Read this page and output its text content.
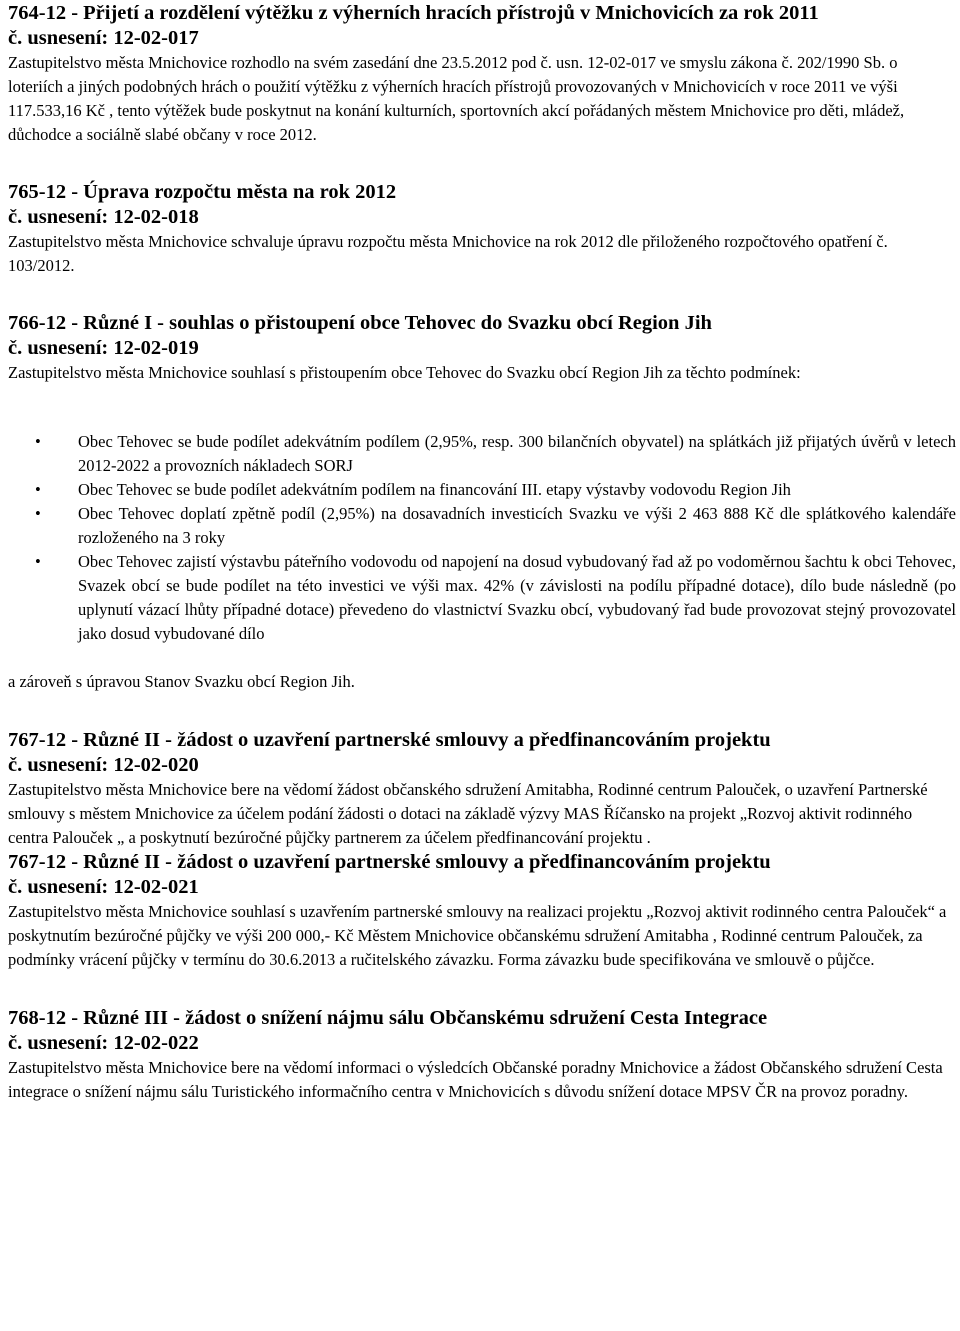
764-12 - Přijetí a rozdělení výtěžku z výherních hracích přístrojů v Mnichovicích za rok 2011

č. usnesení: 12-02-017

Zastupitelstvo města Mnichovice rozhodlo na svém zasedání dne 23.5.2012 pod č. usn. 12-02-017 ve smyslu zákona č. 202/1990 Sb. o loteriích a jiných podobných hrách o použití výtěžku z výherních hracích přístrojů provozovaných v Mnichovicích v roce 2011 ve výši 117.533,16 Kč , tento výtěžek bude poskytnut na konání kulturních, sportovních akcí pořádaných městem Mnichovice pro děti, mládež, důchodce a sociálně slabé občany v roce 2012.

765-12 - Úprava rozpočtu města na rok 2012

č. usnesení: 12-02-018

Zastupitelstvo města Mnichovice schvaluje úpravu rozpočtu města Mnichovice na rok 2012 dle přiloženého rozpočtového opatření č. 103/2012.

766-12 - Různé I - souhlas o přistoupení obce Tehovec do Svazku obcí Region Jih

č. usnesení: 12-02-019

Zastupitelstvo města Mnichovice souhlasí s přistoupením obce Tehovec do Svazku obcí Region Jih za těchto podmínek:

• Obec Tehovec se bude podílet adekvátním podílem (2,95%, resp. 300 bilančních obyvatel) na splátkách již přijatých úvěrů v letech 2012-2022 a provozních nákladech SORJ
• Obec Tehovec se bude podílet adekvátním podílem na financování III. etapy výstavby vodovodu Region Jih
• Obec Tehovec doplatí zpětně podíl (2,95%) na dosavadních investicích Svazku ve výši 2 463 888 Kč dle splátkového kalendáře rozloženého na 3 roky
• Obec Tehovec zajistí výstavbu páteřního vodovodu od napojení na dosud vybudovaný řad až po vodoměrnou šachtu k obci Tehovec, Svazek obcí se bude podílet na této investici ve výši max. 42% (v závislosti na podílu případné dotace), dílo bude následně (po uplynutí vázací lhůty případné dotace) převedeno do vlastnictví Svazku obcí, vybudovaný řad bude provozovat stejný provozovatel jako dosud vybudované dílo

a zároveň s úpravou Stanov Svazku obcí Region Jih.

767-12 - Různé II - žádost o uzavření partnerské smlouvy a předfinancováním projektu

č. usnesení: 12-02-020

Zastupitelstvo města Mnichovice bere na vědomí žádost občanského sdružení Amitabha, Rodinné centrum Palouček, o uzavření Partnerské smlouvy s městem Mnichovice za účelem podání žádosti o dotaci na základě výzvy MAS Říčansko na projekt „Rozvoj aktivit rodinného centra Palouček „ a poskytnutí bezúročné půjčky partnerem za účelem předfinancování projektu .

767-12 - Různé II - žádost o uzavření partnerské smlouvy a předfinancováním projektu

č. usnesení: 12-02-021

Zastupitelstvo města Mnichovice souhlasí s uzavřením partnerské smlouvy na realizaci projektu „Rozvoj aktivit rodinného centra Palouček“ a poskytnutím bezúročné půjčky ve výši 200 000,- Kč Městem Mnichovice občanskému sdružení Amitabha , Rodinné centrum Palouček, za podmínky vrácení půjčky v termínu do 30.6.2013 a ručitelského závazku. Forma závazku bude specifikována ve smlouvě o půjčce.

768-12 - Různé III - žádost o snížení nájmu sálu Občanskému sdružení Cesta Integrace

č. usnesení: 12-02-022

Zastupitelstvo města Mnichovice bere na vědomí informaci o výsledcích Občanské poradny Mnichovice a žádost Občanského sdružení Cesta integrace o snížení nájmu sálu Turistického informačního centra v Mnichovicích s důvodu snížení dotace MPSV ČR na provoz poradny.
